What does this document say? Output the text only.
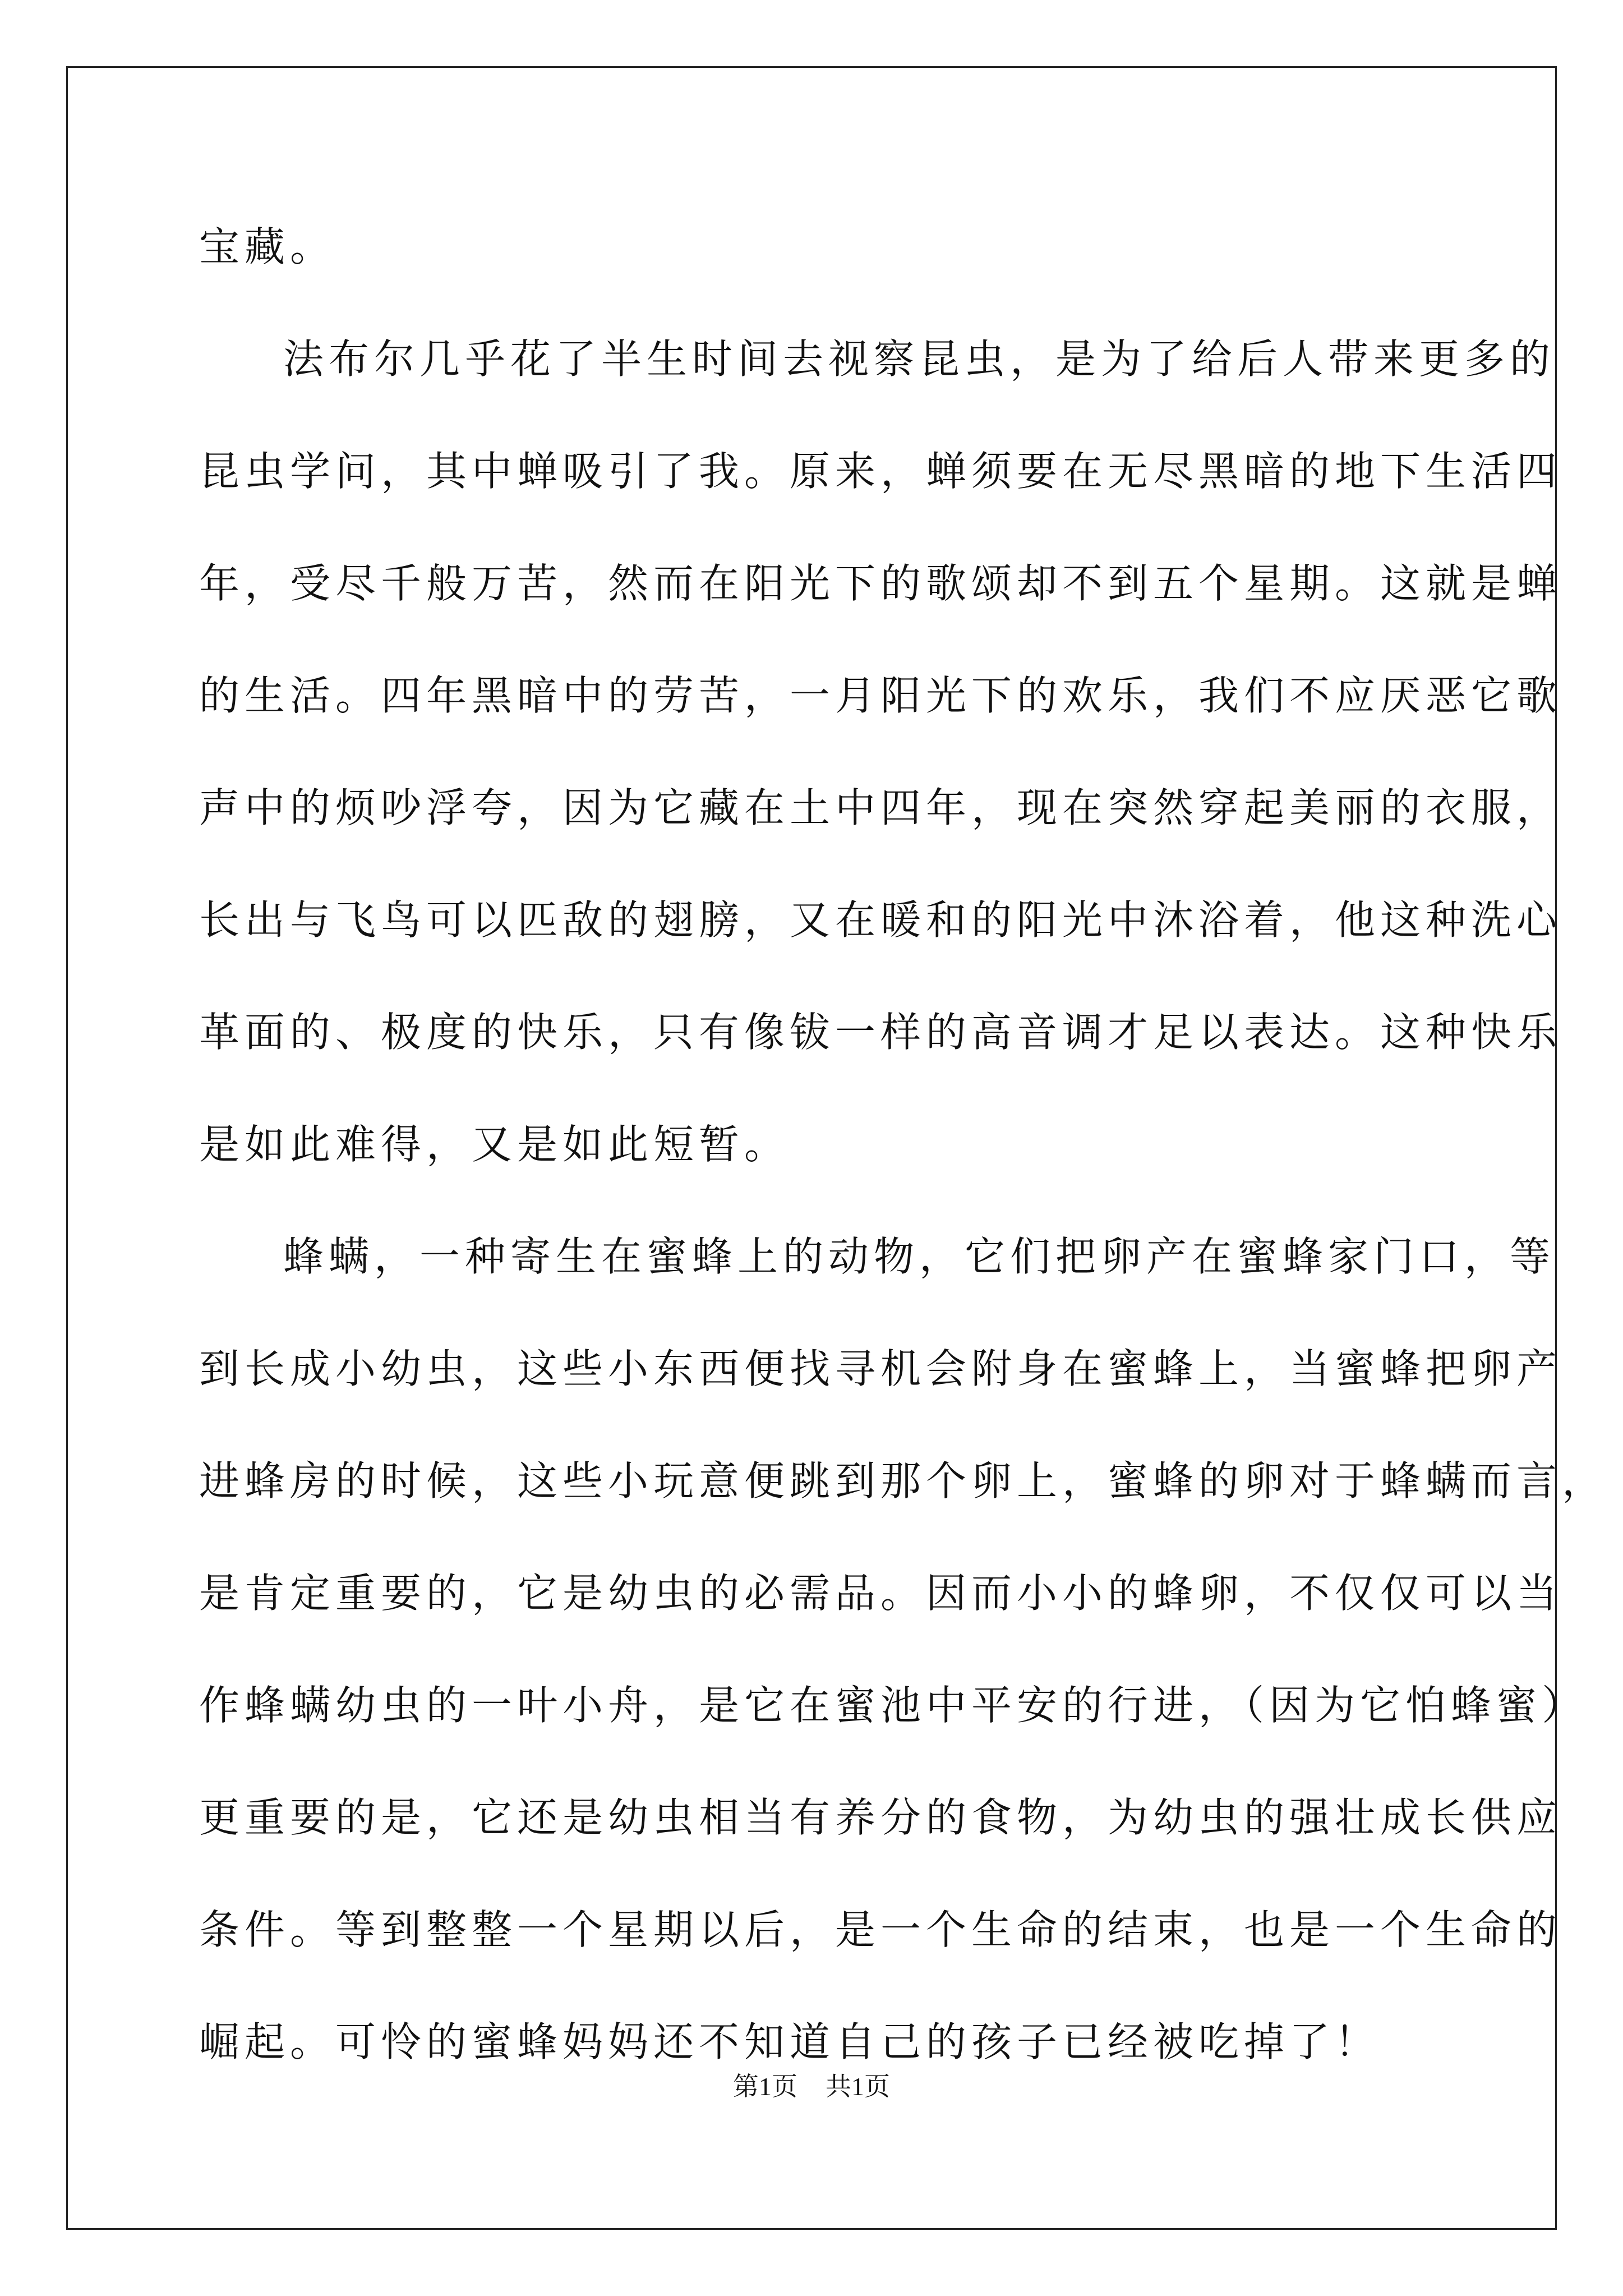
宝藏。
法布尔几乎花了半生时间去视察昆虫，是为了给后人带来更多的
昆虫学问，其中蝉吸引了我。原来，蝉须要在无尽黑暗的地下生活四
年，受尽千般万苦，然而在阳光下的歌颂却不到五个星期。这就是蝉
的生活。四年黑暗中的劳苦，一月阳光下的欢乐，我们不应厌恶它歌
声中的烦吵浮夸，因为它藏在土中四年，现在突然穿起美丽的衣服，
长出与飞鸟可以匹敌的翅膀，又在暖和的阳光中沐浴着，他这种洗心
革面的、极度的快乐，只有像钹一样的高音调才足以表达。这种快乐
是如此难得，又是如此短暂。
蜂螨，一种寄生在蜜蜂上的动物，它们把卵产在蜜蜂家门口，等
到长成小幼虫，这些小东西便找寻机会附身在蜜蜂上，当蜜蜂把卵产
进蜂房的时候，这些小玩意便跳到那个卵上，蜜蜂的卵对于蜂螨而言，
是肯定重要的，它是幼虫的必需品。因而小小的蜂卵，不仅仅可以当
作蜂螨幼虫的一叶小舟，是它在蜜池中平安的行进，（因为它怕蜂蜜）
更重要的是，它还是幼虫相当有养分的食物，为幼虫的强壮成长供应
条件。等到整整一个星期以后，是一个生命的结束，也是一个生命的
崛起。可怜的蜜蜂妈妈还不知道自己的孩子已经被吃掉了！
第1页 共1页
